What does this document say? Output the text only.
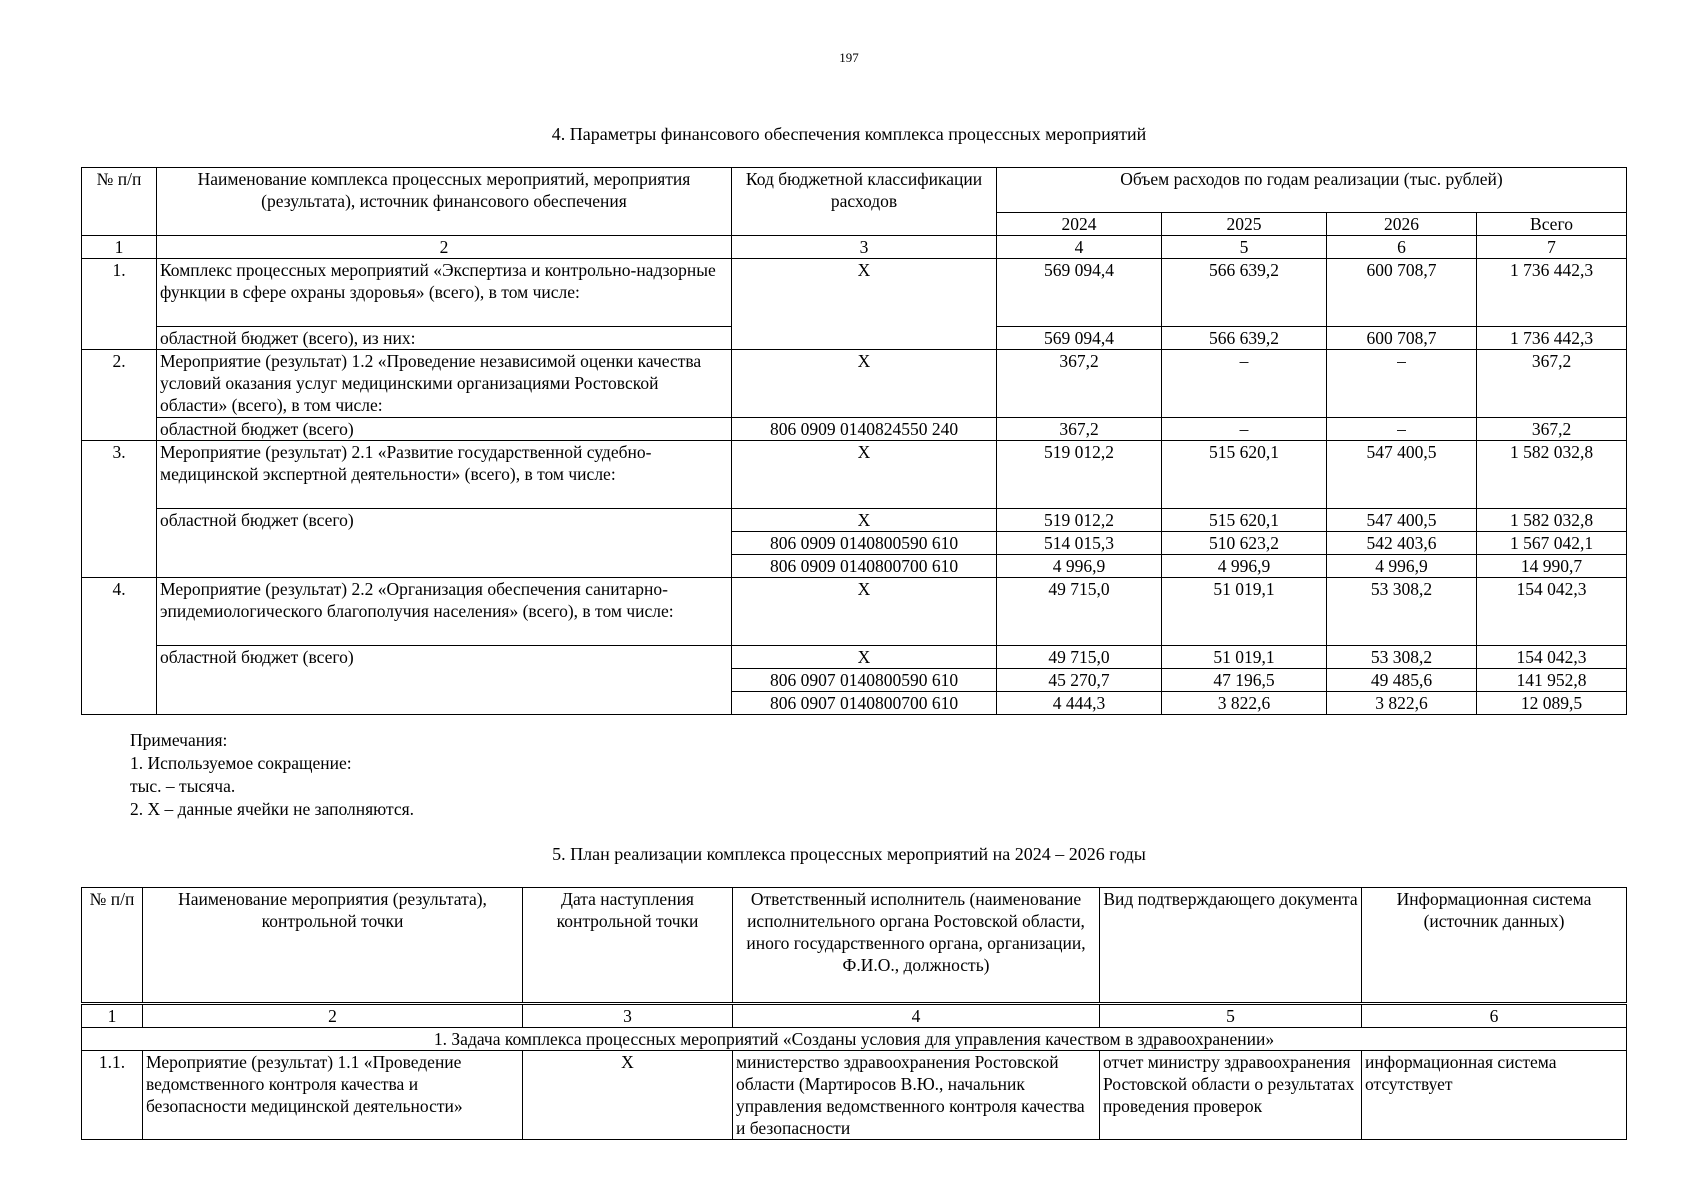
197
4. Параметры финансового обеспечения комплекса процессных мероприятий
№ п/п	Наименование комплекса процессных мероприятий, мероприятия (результата), источник финансового обеспечения	Код бюджетной классификации расходов	Объем расходов по годам реализации (тыс. рублей)			
			2024	2025	2026	Всего
1	2	3	4	5	6	7
1.	Комплекс процессных мероприятий «Экспертиза и контрольно-надзорные функции в сфере охраны здоровья» (всего), в том числе:	Х	569 094,4	566 639,2	600 708,7	1 736 442,3
	областной бюджет (всего), из них:		569 094,4	566 639,2	600 708,7	1 736 442,3
2.	Мероприятие (результат) 1.2 «Проведение независимой оценки качества условий оказания услуг медицинскими организациями Ростовской области» (всего), в том числе:	Х	367,2	–	–	367,2
	областной бюджет (всего)	806 0909 0140824550 240	367,2	–	–	367,2
3.	Мероприятие (результат) 2.1 «Развитие государственной судебно-медицинской экспертной деятельности» (всего), в том числе:	Х	519 012,2	515 620,1	547 400,5	1 582 032,8
	областной бюджет (всего)	Х	519 012,2	515 620,1	547 400,5	1 582 032,8
		806 0909 0140800590 610	514 015,3	510 623,2	542 403,6	1 567 042,1
		806 0909 0140800700 610	4 996,9	4 996,9	4 996,9	14 990,7
4.	Мероприятие (результат) 2.2 «Организация обеспечения санитарно-эпидемиологического благополучия населения» (всего), в том числе:	Х	49 715,0	51 019,1	53 308,2	154 042,3
	областной бюджет (всего)	Х	49 715,0	51 019,1	53 308,2	154 042,3
		806 0907 0140800590 610	45 270,7	47 196,5	49 485,6	141 952,8
		806 0907 0140800700 610	4 444,3	3 822,6	3 822,6	12 089,5
Примечания:
1. Используемое сокращение:
тыс. – тысяча.
2. Х – данные ячейки не заполняются.
5. План реализации комплекса процессных мероприятий на 2024 – 2026 годы
№ п/п	Наименование мероприятия (результата), контрольной точки	Дата наступления контрольной точки	Ответственный исполнитель (наименование исполнительного органа Ростовской области, иного государственного органа, организации, Ф.И.О., должность)	Вид подтверждающего документа	Информационная система (источник данных)
1	2	3	4	5	6
1. Задача комплекса процессных мероприятий «Созданы условия для управления качеством в здравоохранении»					
1.1.	Мероприятие (результат) 1.1 «Проведение ведомственного контроля качества и безопасности медицинской деятельности»	Х	министерство здравоохранения Ростовской области (Мартиросов В.Ю., начальник управления ведомственного контроля качества и безопасности	отчет министру здравоохранения Ростовской области о результатах проведения проверок	информационная система отсутствует
